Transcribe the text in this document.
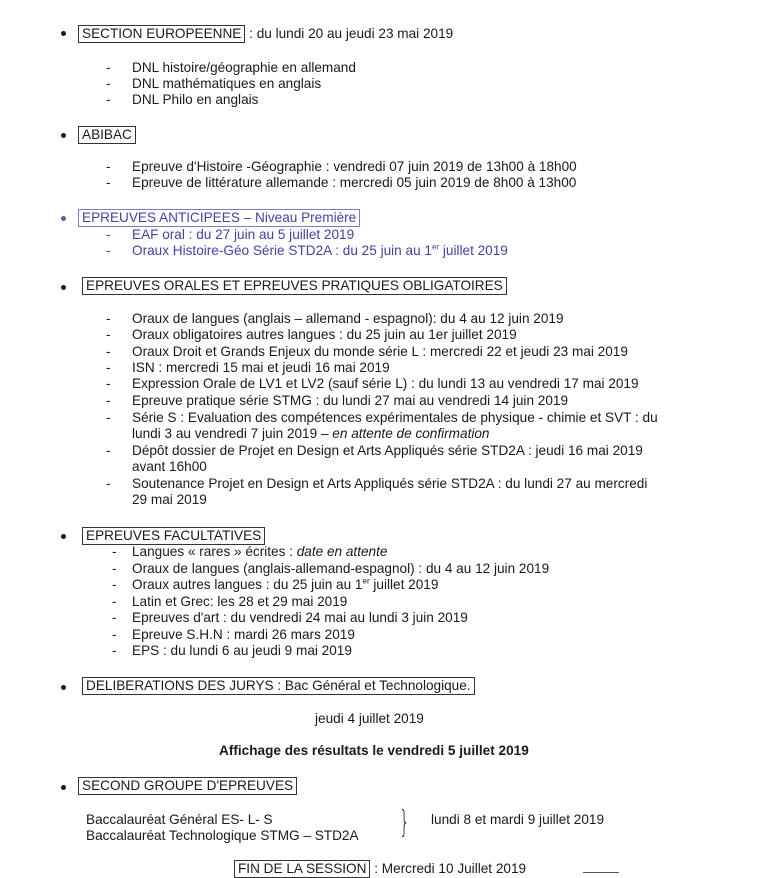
SECTION EUROPEENNE : du lundi 20 au jeudi 23 mai 2019
- DNL histoire/géographie en allemand
- DNL mathématiques en anglais
- DNL Philo en anglais
ABIBAC
- Epreuve d'Histoire -Géographie : vendredi 07 juin 2019 de 13h00 à 18h00
- Epreuve de littérature allemande : mercredi 05 juin 2019 de 8h00 à 13h00
EPREUVES ANTICIPEES – Niveau Première
- EAF oral : du 27 juin au 5 juillet 2019
- Oraux Histoire-Géo Série STD2A : du 25 juin au 1er juillet 2019
EPREUVES ORALES ET EPREUVES PRATIQUES OBLIGATOIRES
- Oraux de langues (anglais – allemand - espagnol): du 4 au 12 juin 2019
- Oraux obligatoires autres langues : du 25 juin au 1er juillet 2019
- Oraux Droit et Grands Enjeux du monde série L : mercredi 22 et jeudi 23 mai 2019
- ISN : mercredi 15 mai et jeudi 16 mai 2019
- Expression Orale de LV1 et LV2 (sauf série L) : du lundi 13 au vendredi 17 mai 2019
- Epreuve pratique série STMG : du lundi 27 mai au vendredi 14 juin 2019
- Série S : Evaluation des compétences expérimentales de physique - chimie et SVT : du
lundi 3 au vendredi 7 juin 2019 – en attente de confirmation
- Dépôt dossier de Projet en Design et Arts Appliqués série STD2A : jeudi 16 mai 2019
avant 16h00
- Soutenance Projet en Design et Arts Appliqués série STD2A : du lundi 27 au mercredi
29 mai 2019
EPREUVES FACULTATIVES
- Langues « rares » écrites : date en attente
- Oraux de langues (anglais-allemand-espagnol) : du 4 au 12 juin 2019
- Oraux autres langues : du 25 juin au 1er juillet 2019
- Latin et Grec: les 28 et 29 mai 2019
- Epreuves d'art : du vendredi 24 mai au lundi 3 juin 2019
- Epreuve S.H.N : mardi 26 mars 2019
- EPS : du lundi 6 au jeudi 9 mai 2019
DELIBERATIONS DES JURYS : Bac Général et Technologique.
jeudi 4 juillet 2019
Affichage des résultats le vendredi 5 juillet 2019
SECOND GROUPE D'EPREUVES
Baccalauréat Général ES- L- S
Baccalauréat Technologique STMG – STD2A } lundi 8 et mardi 9 juillet 2019
FIN DE LA SESSION : Mercredi 10 Juillet 2019
